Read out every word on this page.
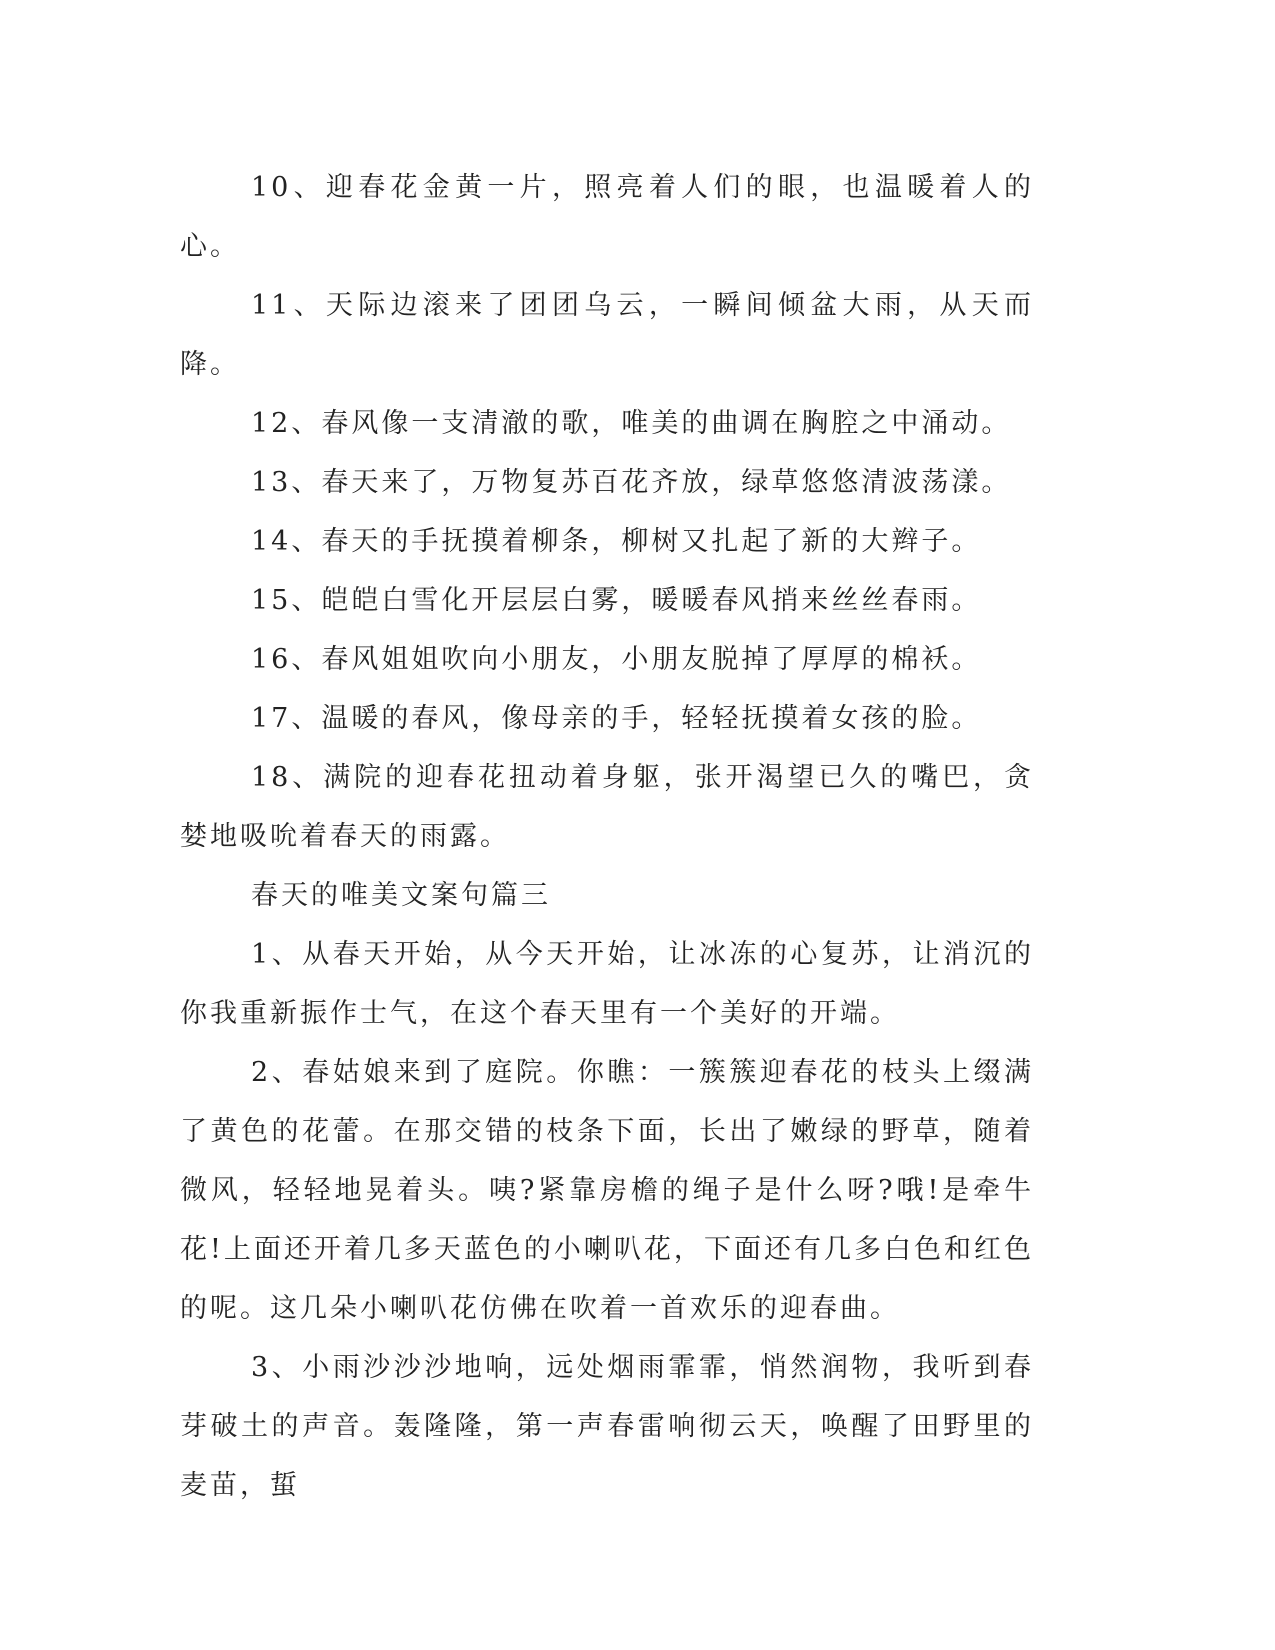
10、迎春花金黄一片，照亮着人们的眼，也温暖着人的心。

11、天际边滚来了团团乌云，一瞬间倾盆大雨，从天而降。

12、春风像一支清澈的歌，唯美的曲调在胸腔之中涌动。

13、春天来了，万物复苏百花齐放，绿草悠悠清波荡漾。

14、春天的手抚摸着柳条，柳树又扎起了新的大辫子。

15、皑皑白雪化开层层白雾，暖暖春风捎来丝丝春雨。

16、春风姐姐吹向小朋友，小朋友脱掉了厚厚的棉袄。

17、温暖的春风，像母亲的手，轻轻抚摸着女孩的脸。

18、满院的迎春花扭动着身躯，张开渴望已久的嘴巴，贪婪地吸吮着春天的雨露。

春天的唯美文案句篇三

1、从春天开始，从今天开始，让冰冻的心复苏，让消沉的你我重新振作士气，在这个春天里有一个美好的开端。

2、春姑娘来到了庭院。你瞧：一簇簇迎春花的枝头上缀满了黄色的花蕾。在那交错的枝条下面，长出了嫩绿的野草，随着微风，轻轻地晃着头。咦?紧靠房檐的绳子是什么呀?哦!是牵牛花!上面还开着几多天蓝色的小喇叭花，下面还有几多白色和红色的呢。这几朵小喇叭花仿佛在吹着一首欢乐的迎春曲。

3、小雨沙沙沙地响，远处烟雨霏霏，悄然润物，我听到春芽破土的声音。轰隆隆，第一声春雷响彻云天，唤醒了田野里的麦苗，蜇
